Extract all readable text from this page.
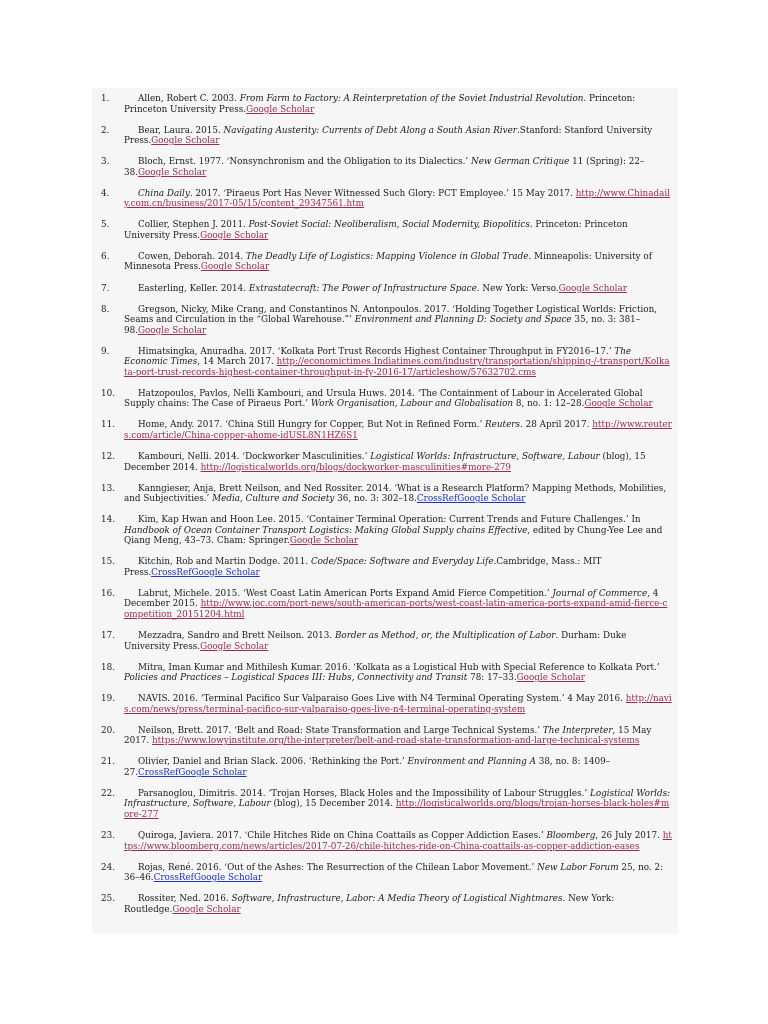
1.	Allen, Robert C. 2003. From Farm to Factory: A Reinterpretation of the Soviet Industrial Revolution. Princeton: Princeton University Press.Google Scholar
2.	Bear, Laura. 2015. Navigating Austerity: Currents of Debt Along a South Asian River.Stanford: Stanford University Press.Google Scholar
3.	Bloch, Ernst. 1977. ‘Nonsynchronism and the Obligation to its Dialectics.’ New German Critique 11 (Spring): 22–38.Google Scholar
4.	China Daily. 2017. ‘Piraeus Port Has Never Witnessed Such Glory: PCT Employee.’ 15 May 2017. http://www.Chinadaily.com.cn/business/2017-05/15/content_29347561.htm
5.	Collier, Stephen J. 2011. Post-Soviet Social: Neoliberalism, Social Modernity, Biopolitics. Princeton: Princeton University Press.Google Scholar
6.	Cowen, Deborah. 2014. The Deadly Life of Logistics: Mapping Violence in Global Trade. Minneapolis: University of Minnesota Press.Google Scholar
7.	Easterling, Keller. 2014. Extrastatecraft: The Power of Infrastructure Space. New York: Verso.Google Scholar
8.	Gregson, Nicky, Mike Crang, and Constantinos N. Antonpoulos. 2017. ‘Holding Together Logistical Worlds: Friction, Seams and Circulation in the “Global Warehouse.”’ Environment and Planning D: Society and Space 35, no. 3: 381–98.Google Scholar
9.	Himatsingka, Anuradha. 2017. ‘Kolkata Port Trust Records Highest Container Throughput in FY2016–17.’ The Economic Times, 14 March 2017. http://economictimes.Indiatimes.com/industry/transportation/shipping-/-transport/Kolkata-port-trust-records-highest-container-throughput-in-fy-2016-17/articleshow/57632702.cms
10.	Hatzopoulos, Pavlos, Nelli Kambouri, and Ursula Huws. 2014. ‘The Containment of Labour in Accelerated Global Supply chains: The Case of Piraeus Port.’ Work Organisation, Labour and Globalisation 8, no. 1: 12–28.Google Scholar
11.	Home, Andy. 2017. ‘China Still Hungry for Copper, But Not in Refined Form.’ Reuters. 28 April 2017. http://www.reuters.com/article/China-copper-ahome-idUSL8N1HZ6S1
12.	Kambouri, Nelli. 2014. ‘Dockworker Masculinities.’ Logistical Worlds: Infrastructure, Software, Labour (blog), 15 December 2014. http://logisticalworlds.org/blogs/dockworker-masculinities#more-279
13.	Kanngieser, Anja, Brett Neilson, and Ned Rossiter. 2014. ‘What is a Research Platform? Mapping Methods, Mobilities, and Subjectivities.’ Media, Culture and Society 36, no. 3: 302–18.CrossRefGoogle Scholar
14.	Kim, Kap Hwan and Hoon Lee. 2015. ‘Container Terminal Operation: Current Trends and Future Challenges.’ In Handbook of Ocean Container Transport Logistics: Making Global Supply chains Effective, edited by Chung-Yee Lee and Qiang Meng, 43–73. Cham: Springer.Google Scholar
15.	Kitchin, Rob and Martin Dodge. 2011. Code/Space: Software and Everyday Life.Cambridge, Mass.: MIT Press.CrossRefGoogle Scholar
16.	Labrut, Michele. 2015. ‘West Coast Latin American Ports Expand Amid Fierce Competition.’ Journal of Commerce, 4 December 2015. http://www.joc.com/port-news/south-american-ports/west-coast-latin-america-ports-expand-amid-fierce-competition_20151204.html
17.	Mezzadra, Sandro and Brett Neilson. 2013. Border as Method, or, the Multiplication of Labor. Durham: Duke University Press.Google Scholar
18.	Mitra, Iman Kumar and Mithilesh Kumar. 2016. ‘Kolkata as a Logistical Hub with Special Reference to Kolkata Port.’ Policies and Practices – Logistical Spaces III: Hubs, Connectivity and Transit 78: 17–33.Google Scholar
19.	NAVIS. 2016. ‘Terminal Pacifico Sur Valparaiso Goes Live with N4 Terminal Operating System.’ 4 May 2016. http://navis.com/news/press/terminal-pacifico-sur-valparaiso-goes-live-n4-terminal-operating-system
20.	Neilson, Brett. 2017. ‘Belt and Road: State Transformation and Large Technical Systems.’ The Interpreter, 15 May 2017. https://www.lowyinstitute.org/the-interpreter/belt-and-road-state-transformation-and-large-technical-systems
21.	Olivier, Daniel and Brian Slack. 2006. ‘Rethinking the Port.’ Environment and Planning A 38, no. 8: 1409–27.CrossRefGoogle Scholar
22.	Parsanoglou, Dimitris. 2014. ‘Trojan Horses, Black Holes and the Impossibility of Labour Struggles.’ Logistical Worlds: Infrastructure, Software, Labour (blog), 15 December 2014. http://logisticalworlds.org/blogs/trojan-horses-black-holes#more-277
23.	Quiroga, Javiera. 2017. ‘Chile Hitches Ride on China Coattails as Copper Addiction Eases.’ Bloomberg, 26 July 2017. https://www.bloomberg.com/news/articles/2017-07-26/chile-hitches-ride-on-China-coattails-as-copper-addiction-eases
24.	Rojas, René. 2016. ‘Out of the Ashes: The Resurrection of the Chilean Labor Movement.’ New Labor Forum 25, no. 2: 36–46.CrossRefGoogle Scholar
25.	Rossiter, Ned. 2016. Software, Infrastructure, Labor: A Media Theory of Logistical Nightmares. New York: Routledge.Google Scholar
